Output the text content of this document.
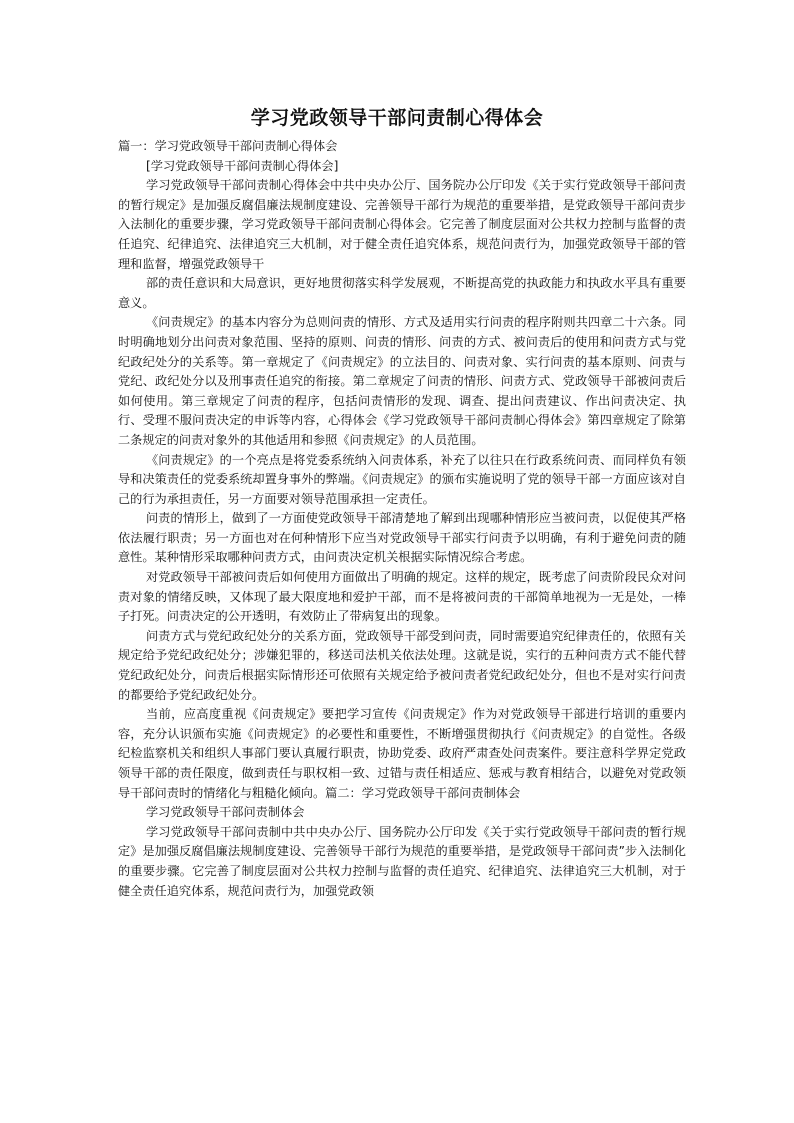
学习党政领导干部问责制心得体会

篇一：学习党政领导干部问责制心得体会

[学习党政领导干部问责制心得体会]

学习党政领导干部问责制心得体会中共中央办公厅、国务院办公厅印发《关于实行党政领导干部问责的暂行规定》是加强反腐倡廉法规制度建设、完善领导干部行为规范的重要举措，是党政领导干部问责步入法制化的重要步骤，学习党政领导干部问责制心得体会。它完善了制度层面对公共权力控制与监督的责任追究、纪律追究、法律追究三大机制，对于健全责任追究体系，规范问责行为，加强党政领导干部的管理和监督，增强党政领导干

部的责任意识和大局意识，更好地贯彻落实科学发展观，不断提高党的执政能力和执政水平具有重要意义。

《问责规定》的基本内容分为总则问责的情形、方式及适用实行问责的程序附则共四章二十六条。同时明确地划分出问责对象范围、坚持的原则、问责的情形、问责的方式、被问责后的使用和问责方式与党纪政纪处分的关系等。第一章规定了《问责规定》的立法目的、问责对象、实行问责的基本原则、问责与党纪、政纪处分以及刑事责任追究的衔接。第二章规定了问责的情形、问责方式、党政领导干部被问责后如何使用。第三章规定了问责的程序，包括问责情形的发现、调查、提出问责建议、作出问责决定、执行、受理不服问责决定的申诉等内容，心得体会《学习党政领导干部问责制心得体会》第四章规定了除第二条规定的问责对象外的其他适用和参照《问责规定》的人员范围。

《问责规定》的一个亮点是将党委系统纳入问责体系，补充了以往只在行政系统问责、而同样负有领导和决策责任的党委系统却置身事外的弊端。《问责规定》的颁布实施说明了党的领导干部一方面应该对自己的行为承担责任，另一方面要对领导范围承担一定责任。

问责的情形上，做到了一方面使党政领导干部清楚地了解到出现哪种情形应当被问责，以促使其严格依法履行职责；另一方面也对在何种情形下应当对党政领导干部实行问责予以明确，有利于避免问责的随意性。某种情形采取哪种问责方式，由问责决定机关根据实际情况综合考虑。

对党政领导干部被问责后如何使用方面做出了明确的规定。这样的规定，既考虑了问责阶段民众对问责对象的情绪反映，又体现了最大限度地和爱护干部，而不是将被问责的干部简单地视为一无是处，一棒子打死。问责决定的公开透明，有效防止了带病复出的现象。

问责方式与党纪政纪处分的关系方面，党政领导干部受到问责，同时需要追究纪律责任的，依照有关规定给予党纪政纪处分；涉嫌犯罪的，移送司法机关依法处理。这就是说，实行的五种问责方式不能代替党纪政纪处分，问责后根据实际情形还可依照有关规定给予被问责者党纪政纪处分，但也不是对实行问责的都要给予党纪政纪处分。

当前，应高度重视《问责规定》要把学习宣传《问责规定》作为对党政领导干部进行培训的重要内容，充分认识颁布实施《问责规定》的必要性和重要性，不断增强贯彻执行《问责规定》的自觉性。各级纪检监察机关和组织人事部门要认真履行职责，协助党委、政府严肃查处问责案件。要注意科学界定党政领导干部的责任限度，做到责任与职权相一致、过错与责任相适应、惩戒与教育相结合，以避免对党政领导干部问责时的情绪化与粗糙化倾向。篇二：学习党政领导干部问责制体会

学习党政领导干部问责制体会

学习党政领导干部问责制中共中央办公厅、国务院办公厅印发《关于实行党政领导干部问责的暂行规定》是加强反腐倡廉法规制度建设、完善领导干部行为规范的重要举措，是党政领导干部问责”步入法制化的重要步骤。它完善了制度层面对公共权力控制与监督的责任追究、纪律追究、法律追究三大机制，对于健全责任追究体系，规范问责行为，加强党政领
